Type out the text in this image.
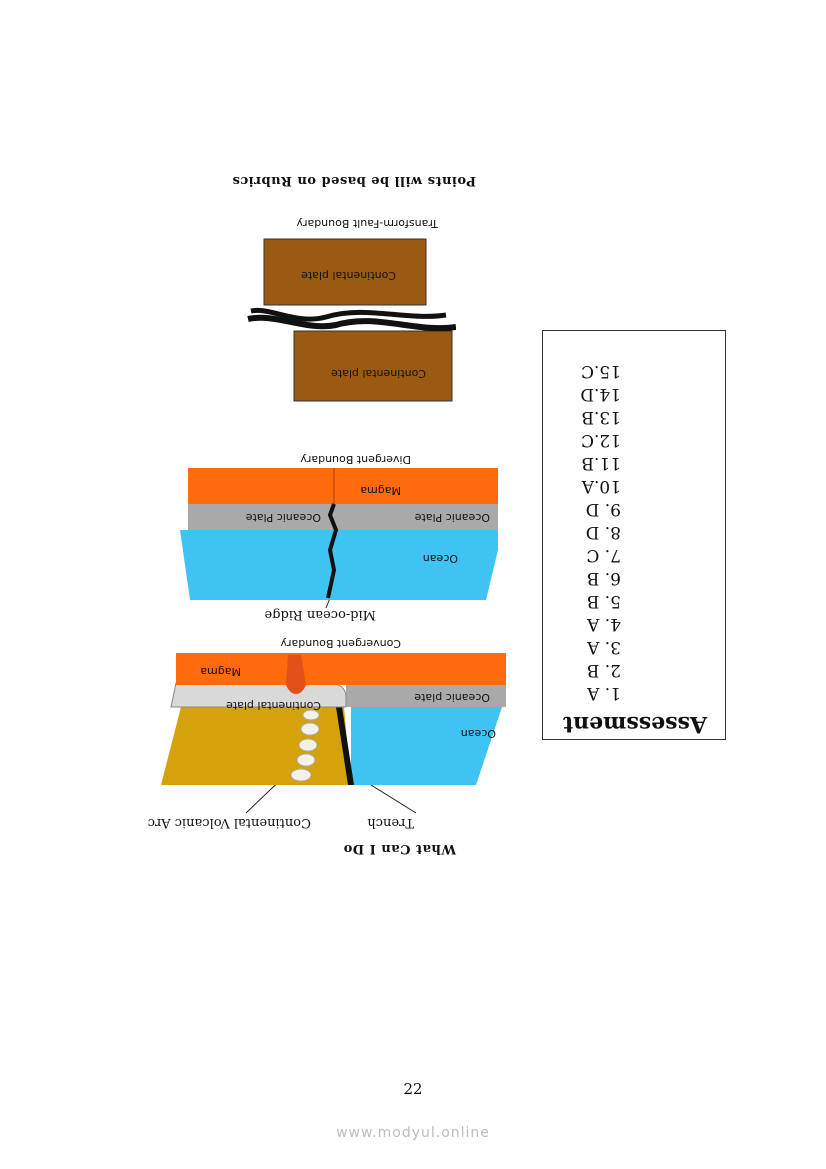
What Can I Do
Trench
Continental Volcanic Arc
Ocean
Oceanic plate
Continental plate
Magma
Convergent Boundary
Mid-ocean Ridge
Ocean
Oceanic Plate
Oceanic Plate
Magma
Divergent Boundary
Continental plate
Continental plate
Transform-Fault Boundary
Points will be based on Rubrics
Assessment
1. A
2. B
3. A
4. A
5. B
6. B
7. C
8. D
9. D
10.A
11.B
12.C
13.B
14.D
15.C
22
www.modyul.online
